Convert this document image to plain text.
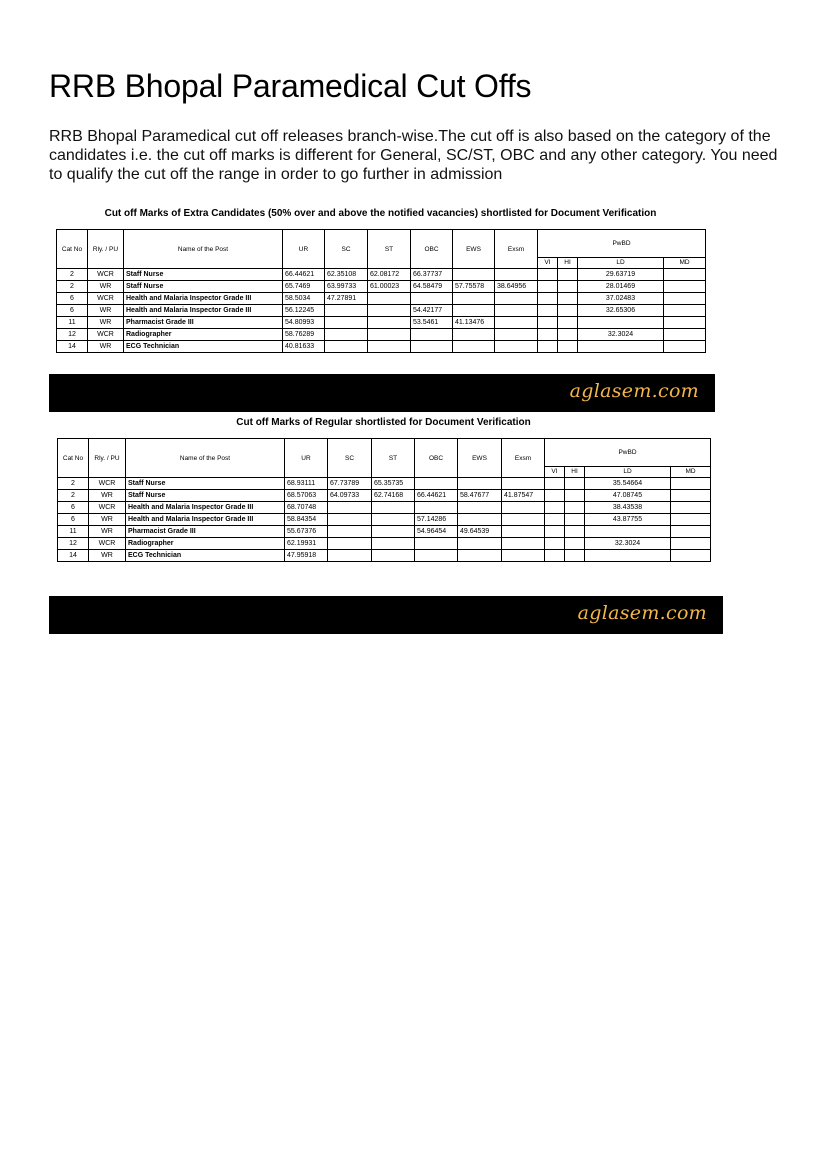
RRB Bhopal Paramedical Cut Offs

RRB Bhopal Paramedical cut off releases branch-wise.The cut off is also based on the category of the candidates i.e. the cut off marks is different for General, SC/ST, OBC and any other category. You need to qualify the cut off the range in order to go further in admission

Cut off Marks of Extra Candidates (50% over and above the notified vacancies) shortlisted for Document Verification
Cat No	Rly. / PU	Name of the Post	UR	SC	ST	OBC	EWS	Exsm	PwBD			
									VI	HI	LD	MD
2	WCR	Staff Nurse	66.44621	62.35108	62.08172	66.37737					29.63719	
2	WR	Staff Nurse	65.7469	63.99733	61.00023	64.58479	57.75578	38.64956			28.01469	
6	WCR	Health and Malaria Inspector Grade III	58.5034	47.27891							37.02483	
6	WR	Health and Malaria Inspector Grade III	56.12245			54.42177					32.65306	
11	WR	Pharmacist Grade III	54.80993			53.5461	41.13476					
12	WCR	Radiographer	58.76289								32.3024	
14	WR	ECG Technician	40.81633									
aglasem.com
Cut off Marks of Regular shortlisted for Document Verification
Cat No	Rly. / PU	Name of the Post	UR	SC	ST	OBC	EWS	Exsm	PwBD			
									VI	HI	LD	MD
2	WCR	Staff Nurse	68.93111	67.73789	65.35735						35.54664	
2	WR	Staff Nurse	68.57063	64.09733	62.74168	66.44621	58.47677	41.87547			47.08745	
6	WCR	Health and Malaria Inspector Grade III	68.70748								38.43538	
6	WR	Health and Malaria Inspector Grade III	58.84354			57.14286					43.87755	
11	WR	Pharmacist Grade III	55.67376			54.96454	49.64539					
12	WCR	Radiographer	62.19931								32.3024	
14	WR	ECG Technician	47.95918									
aglasem.com
